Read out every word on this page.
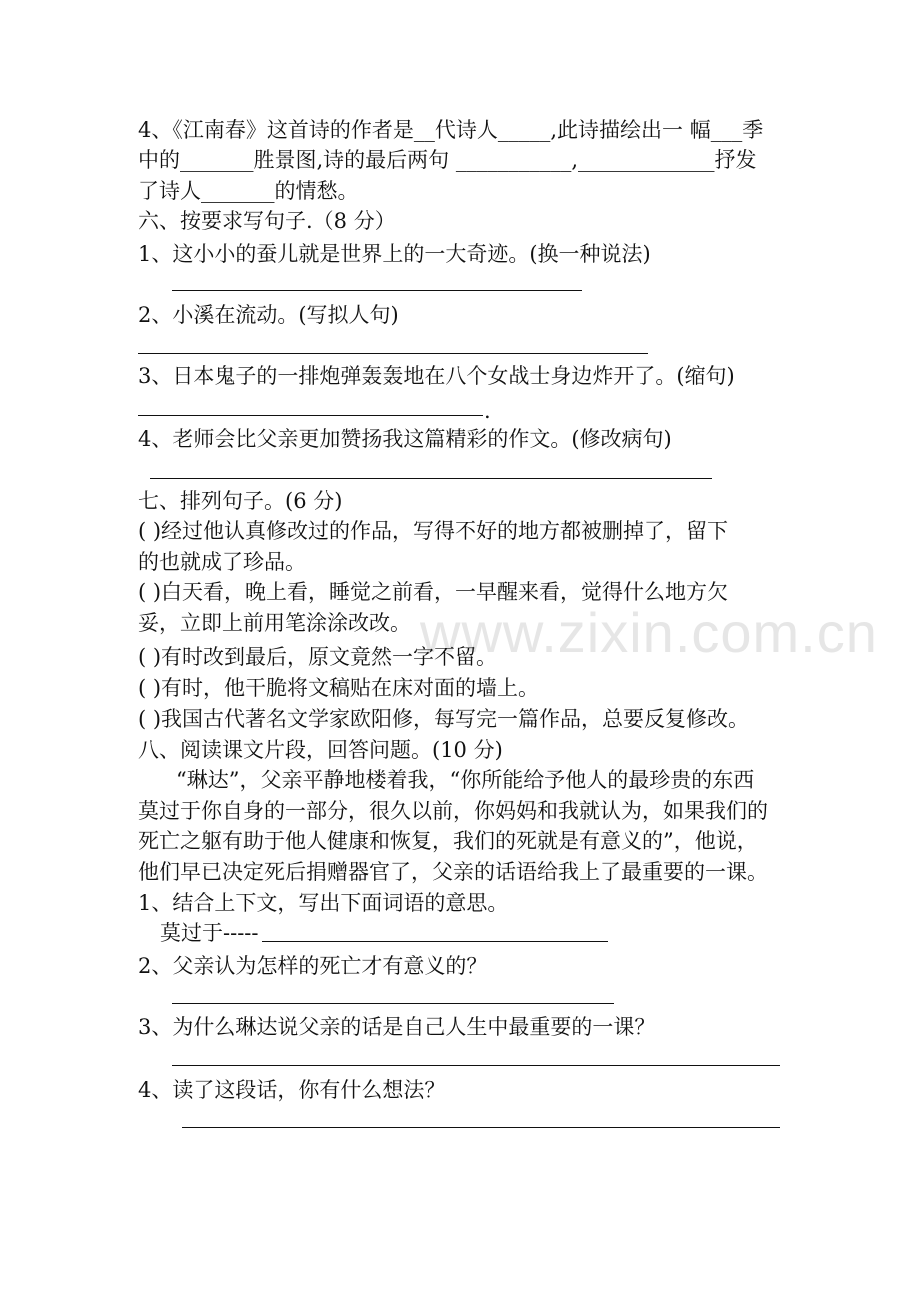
www.zixin.com.cn
4、《江南春》这首诗的作者是__代诗人_____,此诗描绘出一 幅___季
中的_______胜景图,诗的最后两句 ___________,_____________抒发
了诗人_______的情愁。
六、按要求写句子.（8 分）
1、这小小的蚕儿就是世界上的一大奇迹。(换一种说法)
2、小溪在流动。(写拟人句)
3、日本鬼子的一排炮弹轰轰地在八个女战士身边炸开了。(缩句)
.
4、老师会比父亲更加赞扬我这篇精彩的作文。(修改病句)
七、排列句子。(6 分)
( )经过他认真修改过的作品，写得不好的地方都被删掉了，留下
的也就成了珍品。
( )白天看，晚上看，睡觉之前看，一早醒来看，觉得什么地方欠
妥，立即上前用笔涂涂改改。
( )有时改到最后，原文竟然一字不留。
( )有时，他干脆将文稿贴在床对面的墙上。
( )我国古代著名文学家欧阳修，每写完一篇作品，总要反复修改。
八、阅读课文片段，回答问题。(10 分)
“琳达”，父亲平静地楼着我，“你所能给予他人的最珍贵的东西
莫过于你自身的一部分，很久以前，你妈妈和我就认为，如果我们的
死亡之躯有助于他人健康和恢复，我们的死就是有意义的”，他说，
他们早已决定死后捐赠器官了，父亲的话语给我上了最重要的一课。
1、结合上下文，写出下面词语的意思。
莫过于-----
2、父亲认为怎样的死亡才有意义的？
3、为什么琳达说父亲的话是自己人生中最重要的一课？
4、读了这段话，你有什么想法？
